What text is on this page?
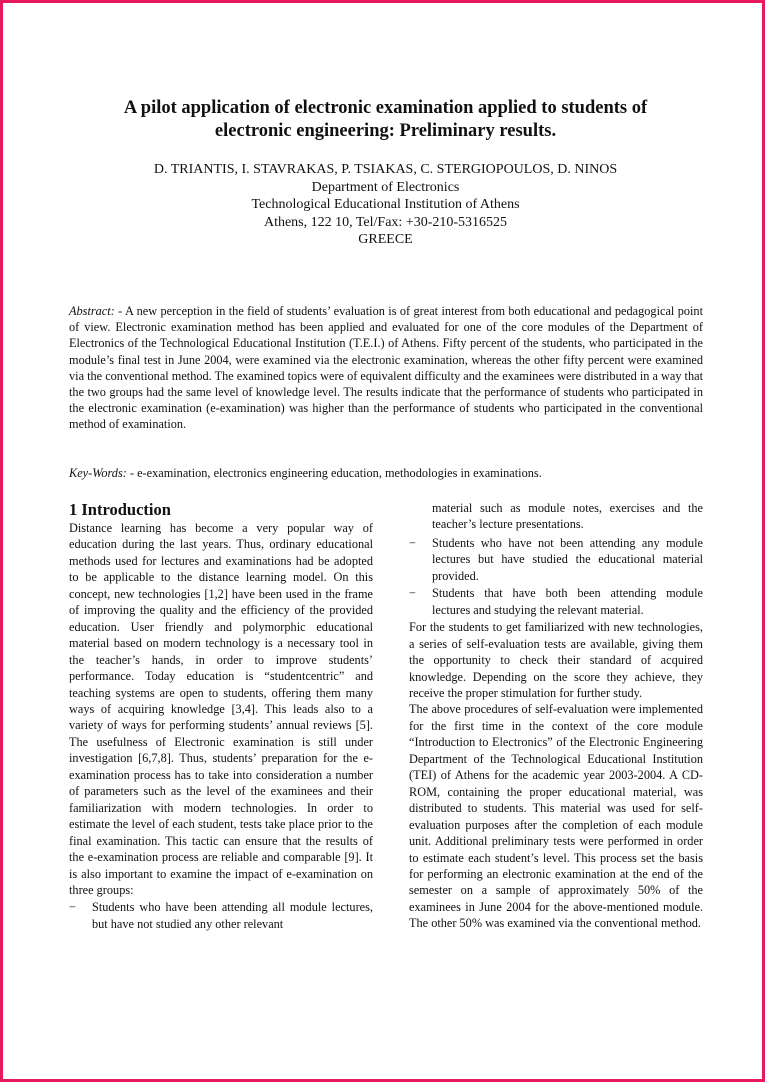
A pilot application of electronic examination applied to students of
electronic engineering: Preliminary results.
D. TRIANTIS, I. STAVRAKAS, P. TSIAKAS, C. STERGIOPOULOS, D. NINOS
Department of Electronics
Technological Educational Institution of Athens
Athens, 122 10, Tel/Fax: +30-210-5316525
GREECE
Abstract: - A new perception in the field of students’ evaluation is of great interest from both educational and pedagogical point of view. Electronic examination method has been applied and evaluated for one of the core modules of the Department of Electronics of the Technological Educational Institution (T.E.I.) of Athens. Fifty percent of the students, who participated in the module’s final test in June 2004, were examined via the electronic examination, whereas the other fifty percent were examined via the conventional method. The examined topics were of equivalent difficulty and the examinees were distributed in a way that the two groups had the same level of knowledge level. The results indicate that the performance of students who participated in the electronic examination (e-examination) was higher than the performance of students who participated in the conventional method of examination.
Key-Words: - e-examination, electronics engineering education, methodologies in examinations.
1 Introduction

Distance learning has become a very popular way of education during the last years. Thus, ordinary educational methods used for lectures and examinations had be adopted to be applicable to the distance learning model. On this concept, new technologies [1,2] have been used in the frame of improving the quality and the efficiency of the provided education. User friendly and polymorphic educational material based on modern technology is a necessary tool in the teacher’s hands, in order to improve students’ performance. Today education is “studentcentric” and teaching systems are open to students, offering them many ways of acquiring knowledge [3,4]. This leads also to a variety of ways for performing students’ annual reviews [5]. The usefulness of Electronic examination is still under investigation [6,7,8]. Thus, students’ preparation for the e-examination process has to take into consideration a number of parameters such as the level of the examinees and their familiarization with modern technologies. In order to estimate the level of each student, tests take place prior to the final examination. This tactic can ensure that the results of the e-examination process are reliable and comparable [9]. It is also important to examine the impact of e-examination on three groups:

− Students who have been attending all module lectures, but have not studied any other relevant

material such as module notes, exercises and the teacher’s lecture presentations.

− Students who have not been attending any module lectures but have studied the educational material provided.
− Students that have both been attending module lectures and studying the relevant material.

For the students to get familiarized with new technologies, a series of self-evaluation tests are available, giving them the opportunity to check their standard of acquired knowledge. Depending on the score they achieve, they receive the proper stimulation for further study.

The above procedures of self-evaluation were implemented for the first time in the context of the core module “Introduction to Electronics” of the Electronic Engineering Department of the Technological Educational Institution (TEI) of Athens for the academic year 2003-2004. A CD-ROM, containing the proper educational material, was distributed to students. This material was used for self-evaluation purposes after the completion of each module unit. Additional preliminary tests were performed in order to estimate each student’s level. This process set the basis for performing an electronic examination at the end of the semester on a sample of approximately 50% of the examinees in June 2004 for the above-mentioned module. The other 50% was examined via the conventional method.
